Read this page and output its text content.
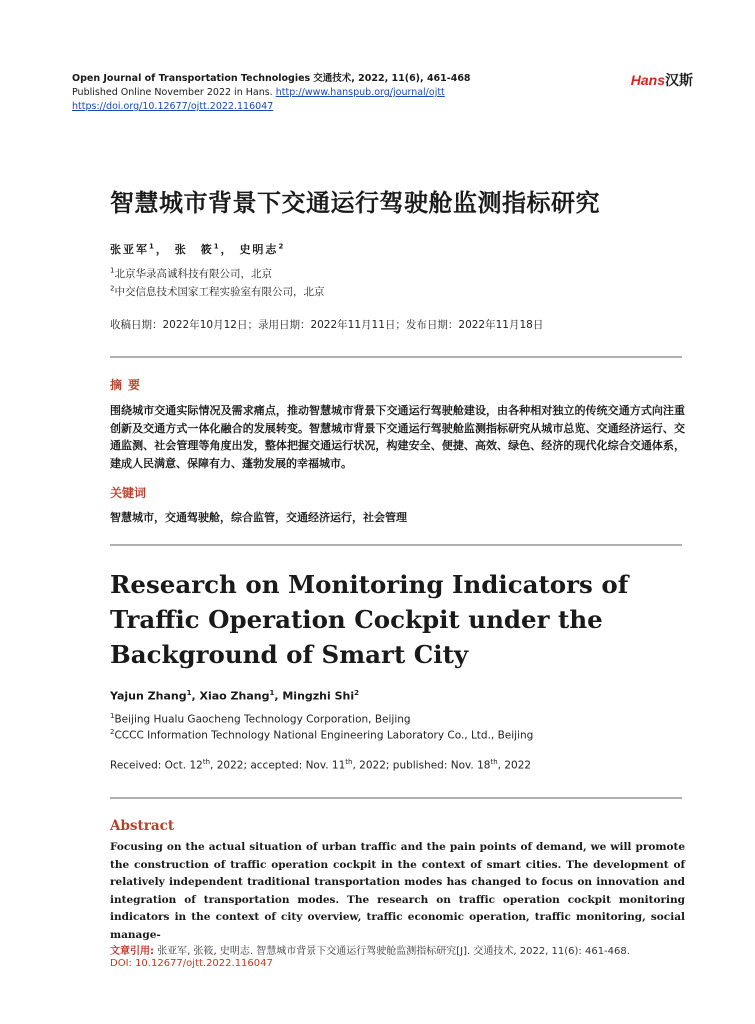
Open Journal of Transportation Technologies 交通技术, 2022, 11(6), 461-468
Published Online November 2022 in Hans. http://www.hanspub.org/journal/ojtt
https://doi.org/10.12677/ojtt.2022.116047
Hans汉斯
智慧城市背景下交通运行驾驶舱监测指标研究
张亚军$^1$， 张　筱$^1$， 史明志$^2$
$^1$北京华录高诚科技有限公司，北京
$^2$中交信息技术国家工程实验室有限公司，北京
收稿日期：2022年10月12日；录用日期：2022年11月11日；发布日期：2022年11月18日
摘要
围绕城市交通实际情况及需求痛点，推动智慧城市背景下交通运行驾驶舱建设，由各种相对独立的传统交通方式向注重创新及交通方式一体化融合的发展转变。智慧城市背景下交通运行驾驶舱监测指标研究从城市总览、交通经济运行、交通监测、社会管理等角度出发，整体把握交通运行状况，构建安全、便捷、高效、绿色、经济的现代化综合交通体系，建成人民满意、保障有力、蓬勃发展的幸福城市。
关键词
智慧城市，交通驾驶舱，综合监管，交通经济运行，社会管理
Research on Monitoring Indicators of Traffic Operation Cockpit under the Background of Smart City
Yajun Zhang$^1$, Xiao Zhang$^1$, Mingzhi Shi$^2$
$^1$Beijing Hualu Gaocheng Technology Corporation, Beijing
$^2$CCCC Information Technology National Engineering Laboratory Co., Ltd., Beijing
Received: Oct. 12th, 2022; accepted: Nov. 11th, 2022; published: Nov. 18th, 2022
Abstract
Focusing on the actual situation of urban traffic and the pain points of demand, we will promote the construction of traffic operation cockpit in the context of smart cities. The development of relatively independent traditional transportation modes has changed to focus on innovation and integration of transportation modes. The research on traffic operation cockpit monitoring indicators in the context of city overview, traffic economic operation, traffic monitoring, social manage-
文章引用: 张亚军, 张筱, 史明志. 智慧城市背景下交通运行驾驶舱监测指标研究[J]. 交通技术, 2022, 11(6): 461-468.
DOI: 10.12677/ojtt.2022.116047
